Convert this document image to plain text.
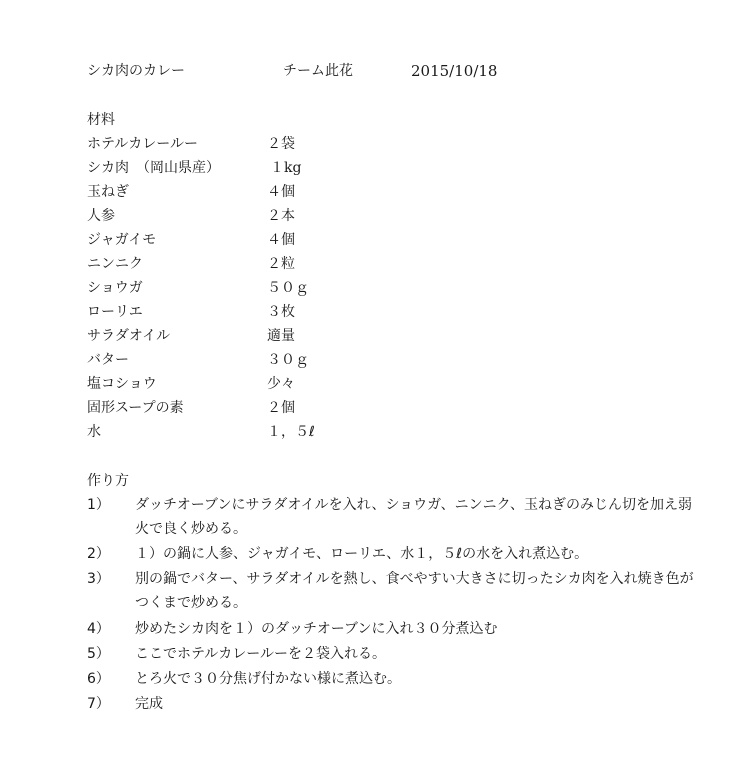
シカ肉のカレー	チーム此花	2015/10/18
材料
ホテルカレールー	２袋
シカ肉　（岡山県産）	１kg
玉ねぎ	４個
人参	２本
ジャガイモ	４個
ニンニク	２粒
ショウガ	５０ｇ
ローリエ	３枚
サラダオイル	適量
バター	３０ｇ
塩コショウ	少々
固形スープの素	２個
水	１，５ℓ
作り方
1） ダッチオーブンにサラダオイルを入れ、ショウガ、ニンニク、玉ねぎのみじん切を加え弱火で良く炒める。
2） １）の鍋に人参、ジャガイモ、ローリエ、水１，５ℓの水を入れ煮込む。
3） 別の鍋でバター、サラダオイルを熱し、食べやすい大きさに切ったシカ肉を入れ焼き色がつくまで炒める。
4） 炒めたシカ肉を１）のダッチオーブンに入れ３０分煮込む
5） ここでホテルカレールーを２袋入れる。
6） とろ火で３０分焦げ付かない様に煮込む。
7） 完成
